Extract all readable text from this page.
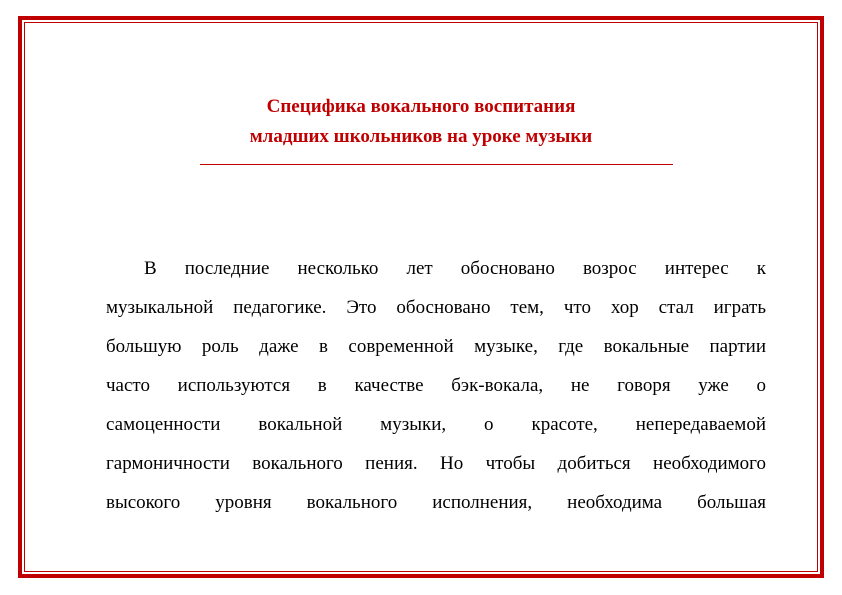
Специфика вокального воспитания
младших школьников на уроке музыки
В последние несколько лет обосновано возрос интерес к
музыкальной педагогике. Это обосновано тем, что хор стал играть
большую роль даже в современной музыке, где вокальные партии
часто используются в качестве бэк-вокала, не говоря уже о
самоценности вокальной музыки, о красоте, непередаваемой
гармоничности вокального пения. Но чтобы добиться необходимого
высокого уровня вокального исполнения, необходима большая
